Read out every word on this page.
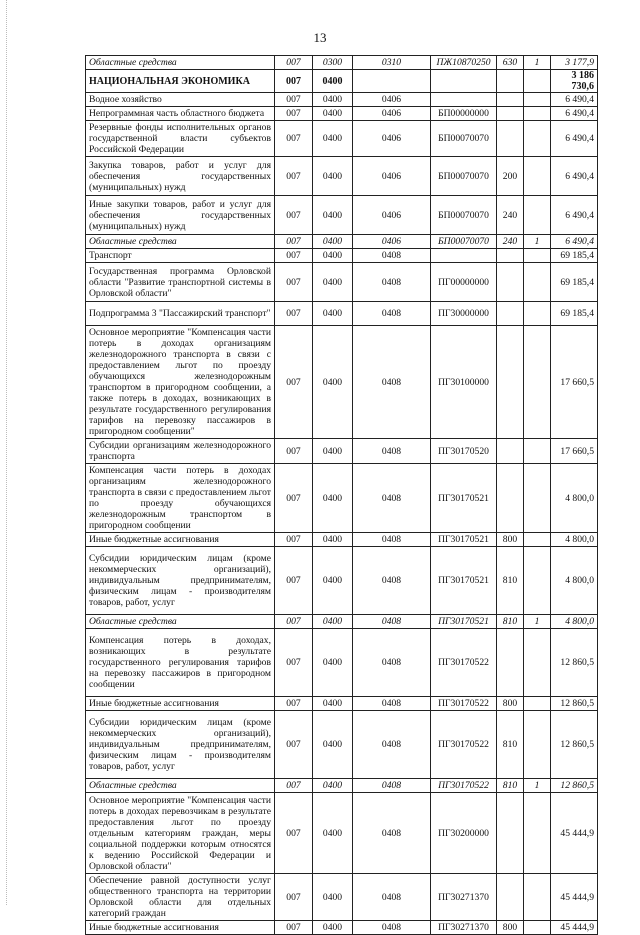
13
Областные средства	007	0300	0310	ПЖ10870250	630	1	3 177,9
НАЦИОНАЛЬНАЯ ЭКОНОМИКА	007	0400					3 186 730,6
Водное хозяйство	007	0400	0406				6 490,4
Непрограммная часть областного бюджета	007	0400	0406	БП00000000			6 490,4
Резервные фонды исполнительных органов государственной власти субъектов Российской Федерации	007	0400	0406	БП00070070			6 490,4
Закупка товаров, работ и услуг для обеспечения государственных (муниципальных) нужд	007	0400	0406	БП00070070	200		6 490,4
Иные закупки товаров, работ и услуг для обеспечения государственных (муниципальных) нужд	007	0400	0406	БП00070070	240		6 490,4
Областные средства	007	0400	0406	БП00070070	240	1	6 490,4
Транспорт	007	0400	0408				69 185,4
Государственная программа Орловской области "Развитие транспортной системы в Орловской области"	007	0400	0408	ПГ00000000			69 185,4
Подпрограмма 3 "Пассажирский транспорт"	007	0400	0408	ПГ30000000			69 185,4
Основное мероприятие "Компенсация части потерь в доходах организациям железнодорожного транспорта в связи с предоставлением льгот по проезду обучающихся железнодорожным транспортом в пригородном сообщении, а также потерь в доходах, возникающих в результате государственного регулирования тарифов на перевозку пассажиров в пригородном сообщении"	007	0400	0408	ПГ30100000			17 660,5
Субсидии организациям железнодорожного транспорта	007	0400	0408	ПГ30170520			17 660,5
Компенсация части потерь в доходах организациям железнодорожного транспорта в связи с предоставлением льгот по проезду обучающихся железнодорожным транспортом в пригородном сообщении	007	0400	0408	ПГ30170521			4 800,0
Иные бюджетные ассигнования	007	0400	0408	ПГ30170521	800		4 800,0
Субсидии юридическим лицам (кроме некоммерческих организаций), индивидуальным предпринимателям, физическим лицам - производителям товаров, работ, услуг	007	0400	0408	ПГ30170521	810		4 800,0
Областные средства	007	0400	0408	ПГ30170521	810	1	4 800,0
Компенсация потерь в доходах, возникающих в результате государственного регулирования тарифов на перевозку пассажиров в пригородном сообщении	007	0400	0408	ПГ30170522			12 860,5
Иные бюджетные ассигнования	007	0400	0408	ПГ30170522	800		12 860,5
Субсидии юридическим лицам (кроме некоммерческих организаций), индивидуальным предпринимателям, физическим лицам - производителям товаров, работ, услуг	007	0400	0408	ПГ30170522	810		12 860,5
Областные средства	007	0400	0408	ПГ30170522	810	1	12 860,5
Основное мероприятие "Компенсация части потерь в доходах перевозчикам в результате предоставления льгот по проезду отдельным категориям граждан, меры социальной поддержки которым относятся к ведению Российской Федерации и Орловской области"	007	0400	0408	ПГ30200000			45 444,9
Обеспечение равной доступности услуг общественного транспорта на территории Орловской области для отдельных категорий граждан	007	0400	0408	ПГ30271370			45 444,9
Иные бюджетные ассигнования	007	0400	0408	ПГ30271370	800		45 444,9
